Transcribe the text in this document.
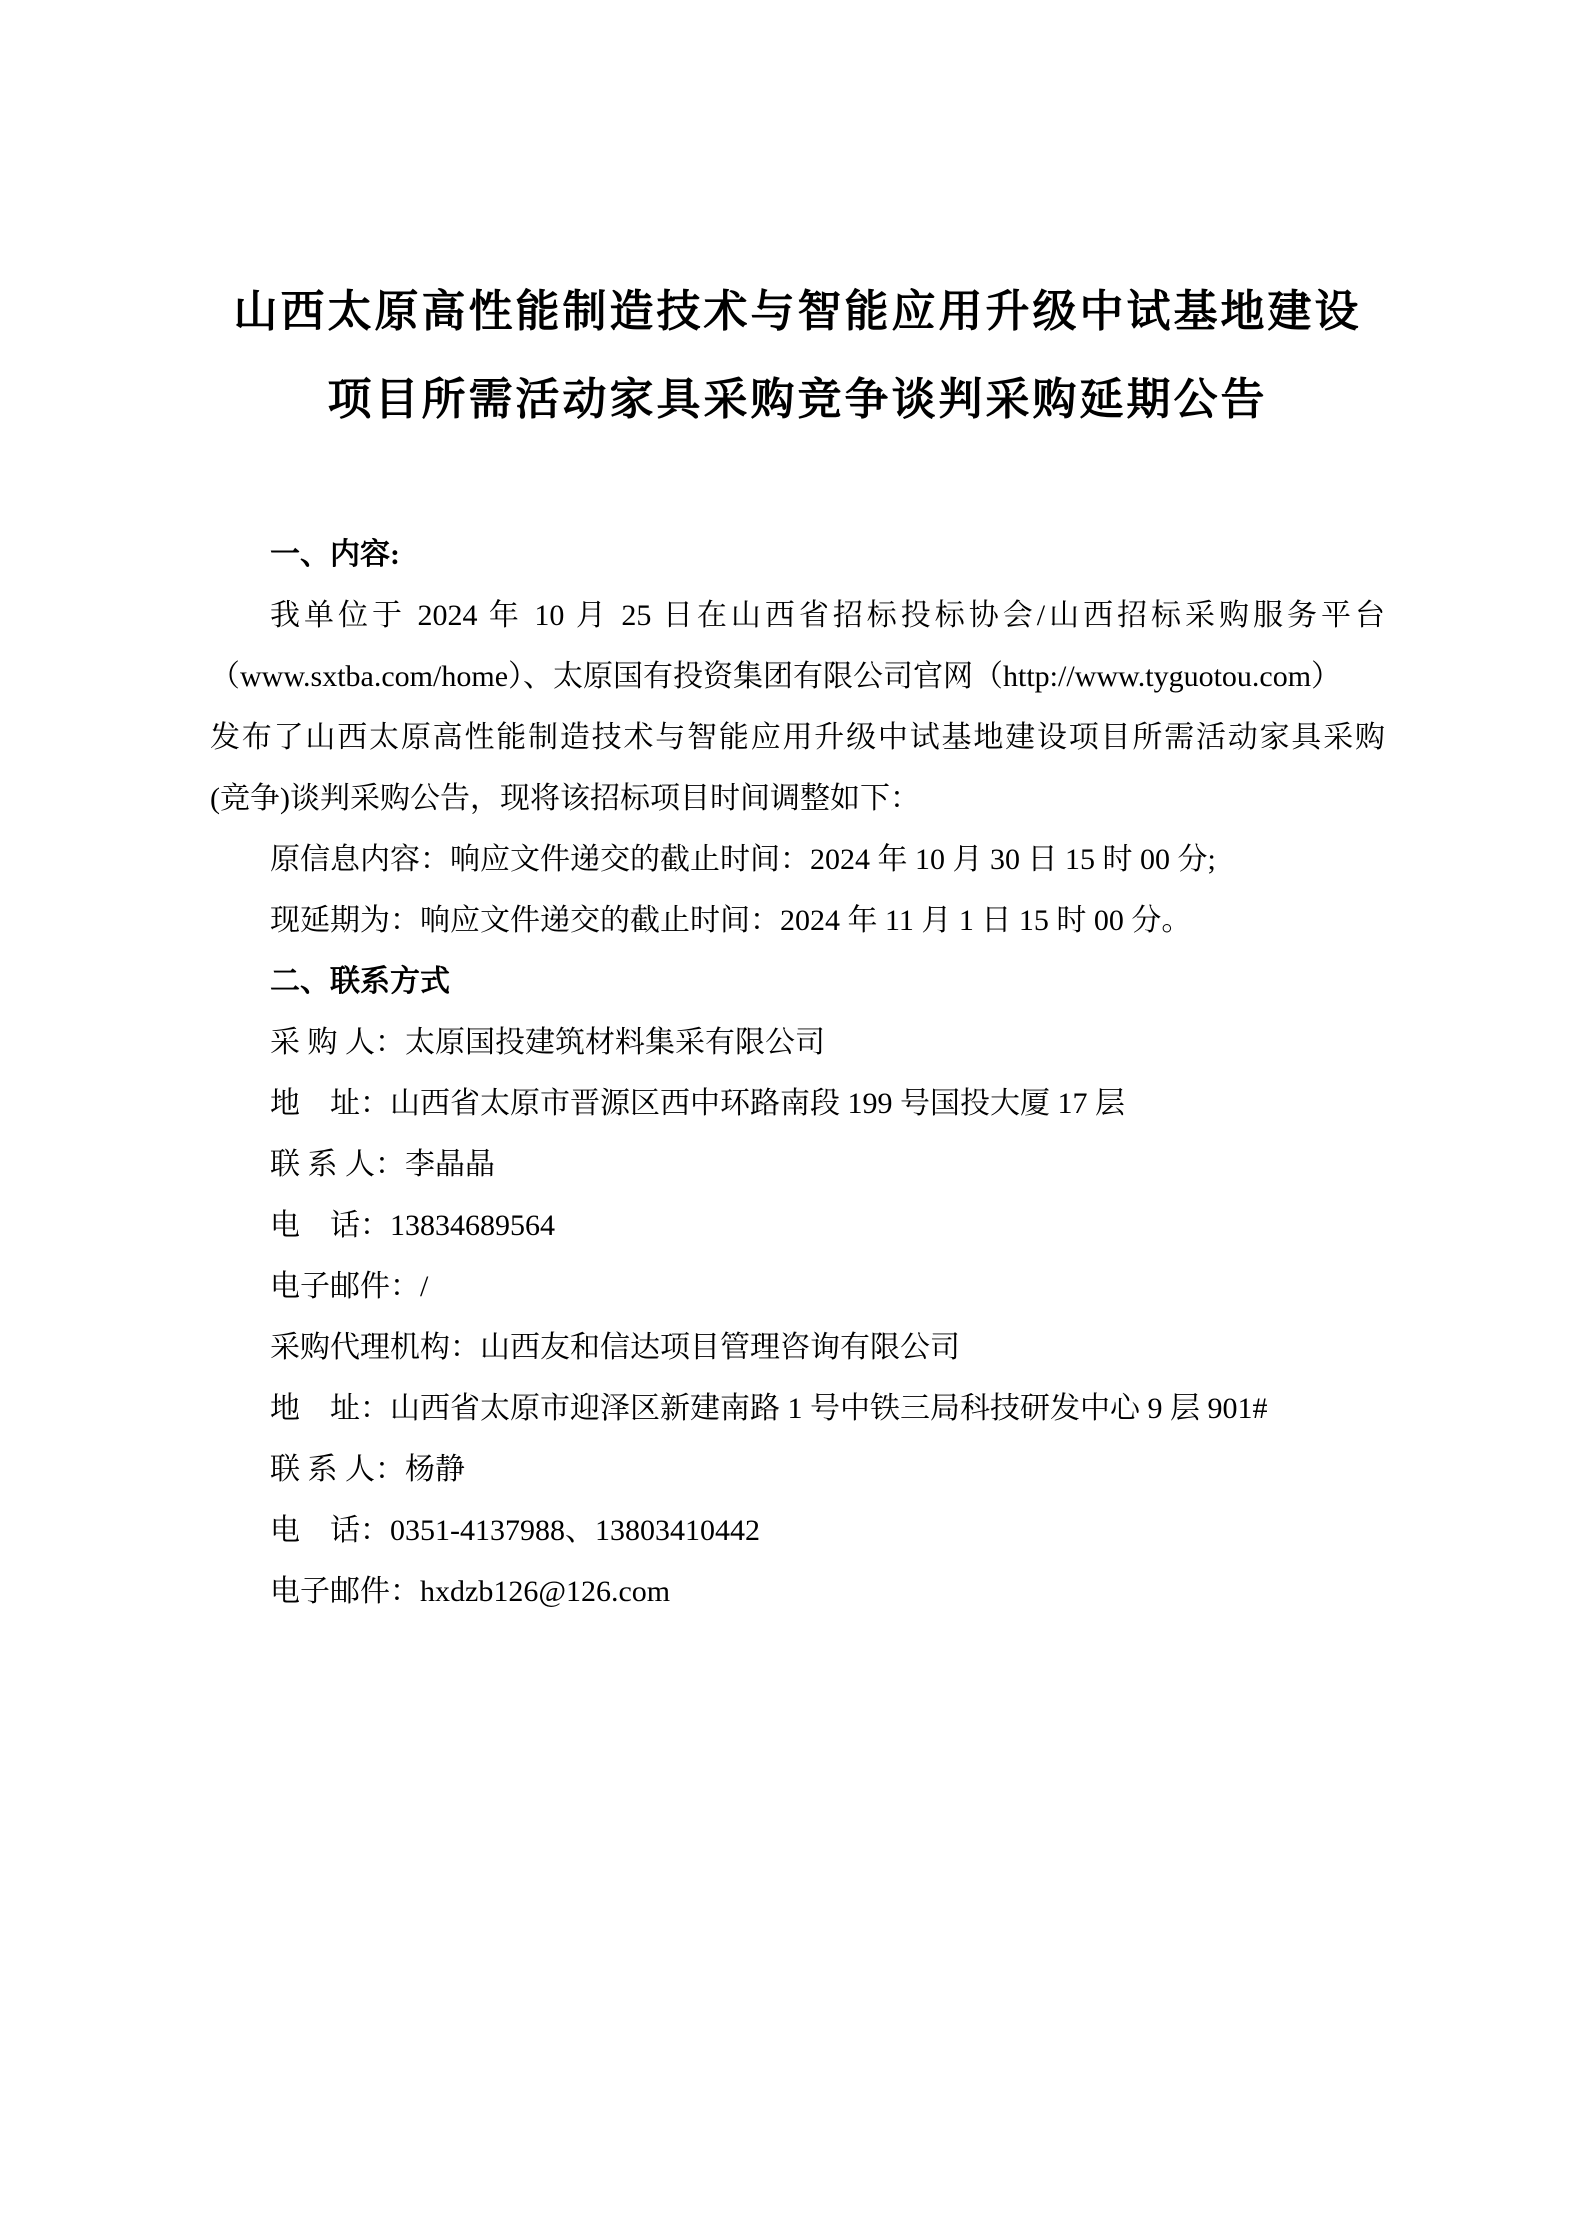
山西太原高性能制造技术与智能应用升级中试基地建设
项目所需活动家具采购竞争谈判采购延期公告
一、内容:
我单位于 2024 年 10 月 25 日在山西省招标投标协会/山西招标采购服务平台
（www.sxtba.com/home）、太原国有投资集团有限公司官网（http://www.tyguotou.com）
发布了山西太原高性能制造技术与智能应用升级中试基地建设项目所需活动家具采购
(竞争)谈判采购公告，现将该招标项目时间调整如下：
原信息内容：响应文件递交的截止时间：2024 年 10 月 30 日 15 时 00 分;
现延期为：响应文件递交的截止时间：2024 年 11 月 1 日 15 时 00 分。
二、联系方式
采 购 人：太原国投建筑材料集采有限公司
地　址：山西省太原市晋源区西中环路南段 199 号国投大厦 17 层
联 系 人：李晶晶
电　话：13834689564
电子邮件：/
采购代理机构：山西友和信达项目管理咨询有限公司
地　址：山西省太原市迎泽区新建南路 1 号中铁三局科技研发中心 9 层 901#
联 系 人：杨静
电　话：0351-4137988、13803410442
电子邮件：hxdzb126@126.com
